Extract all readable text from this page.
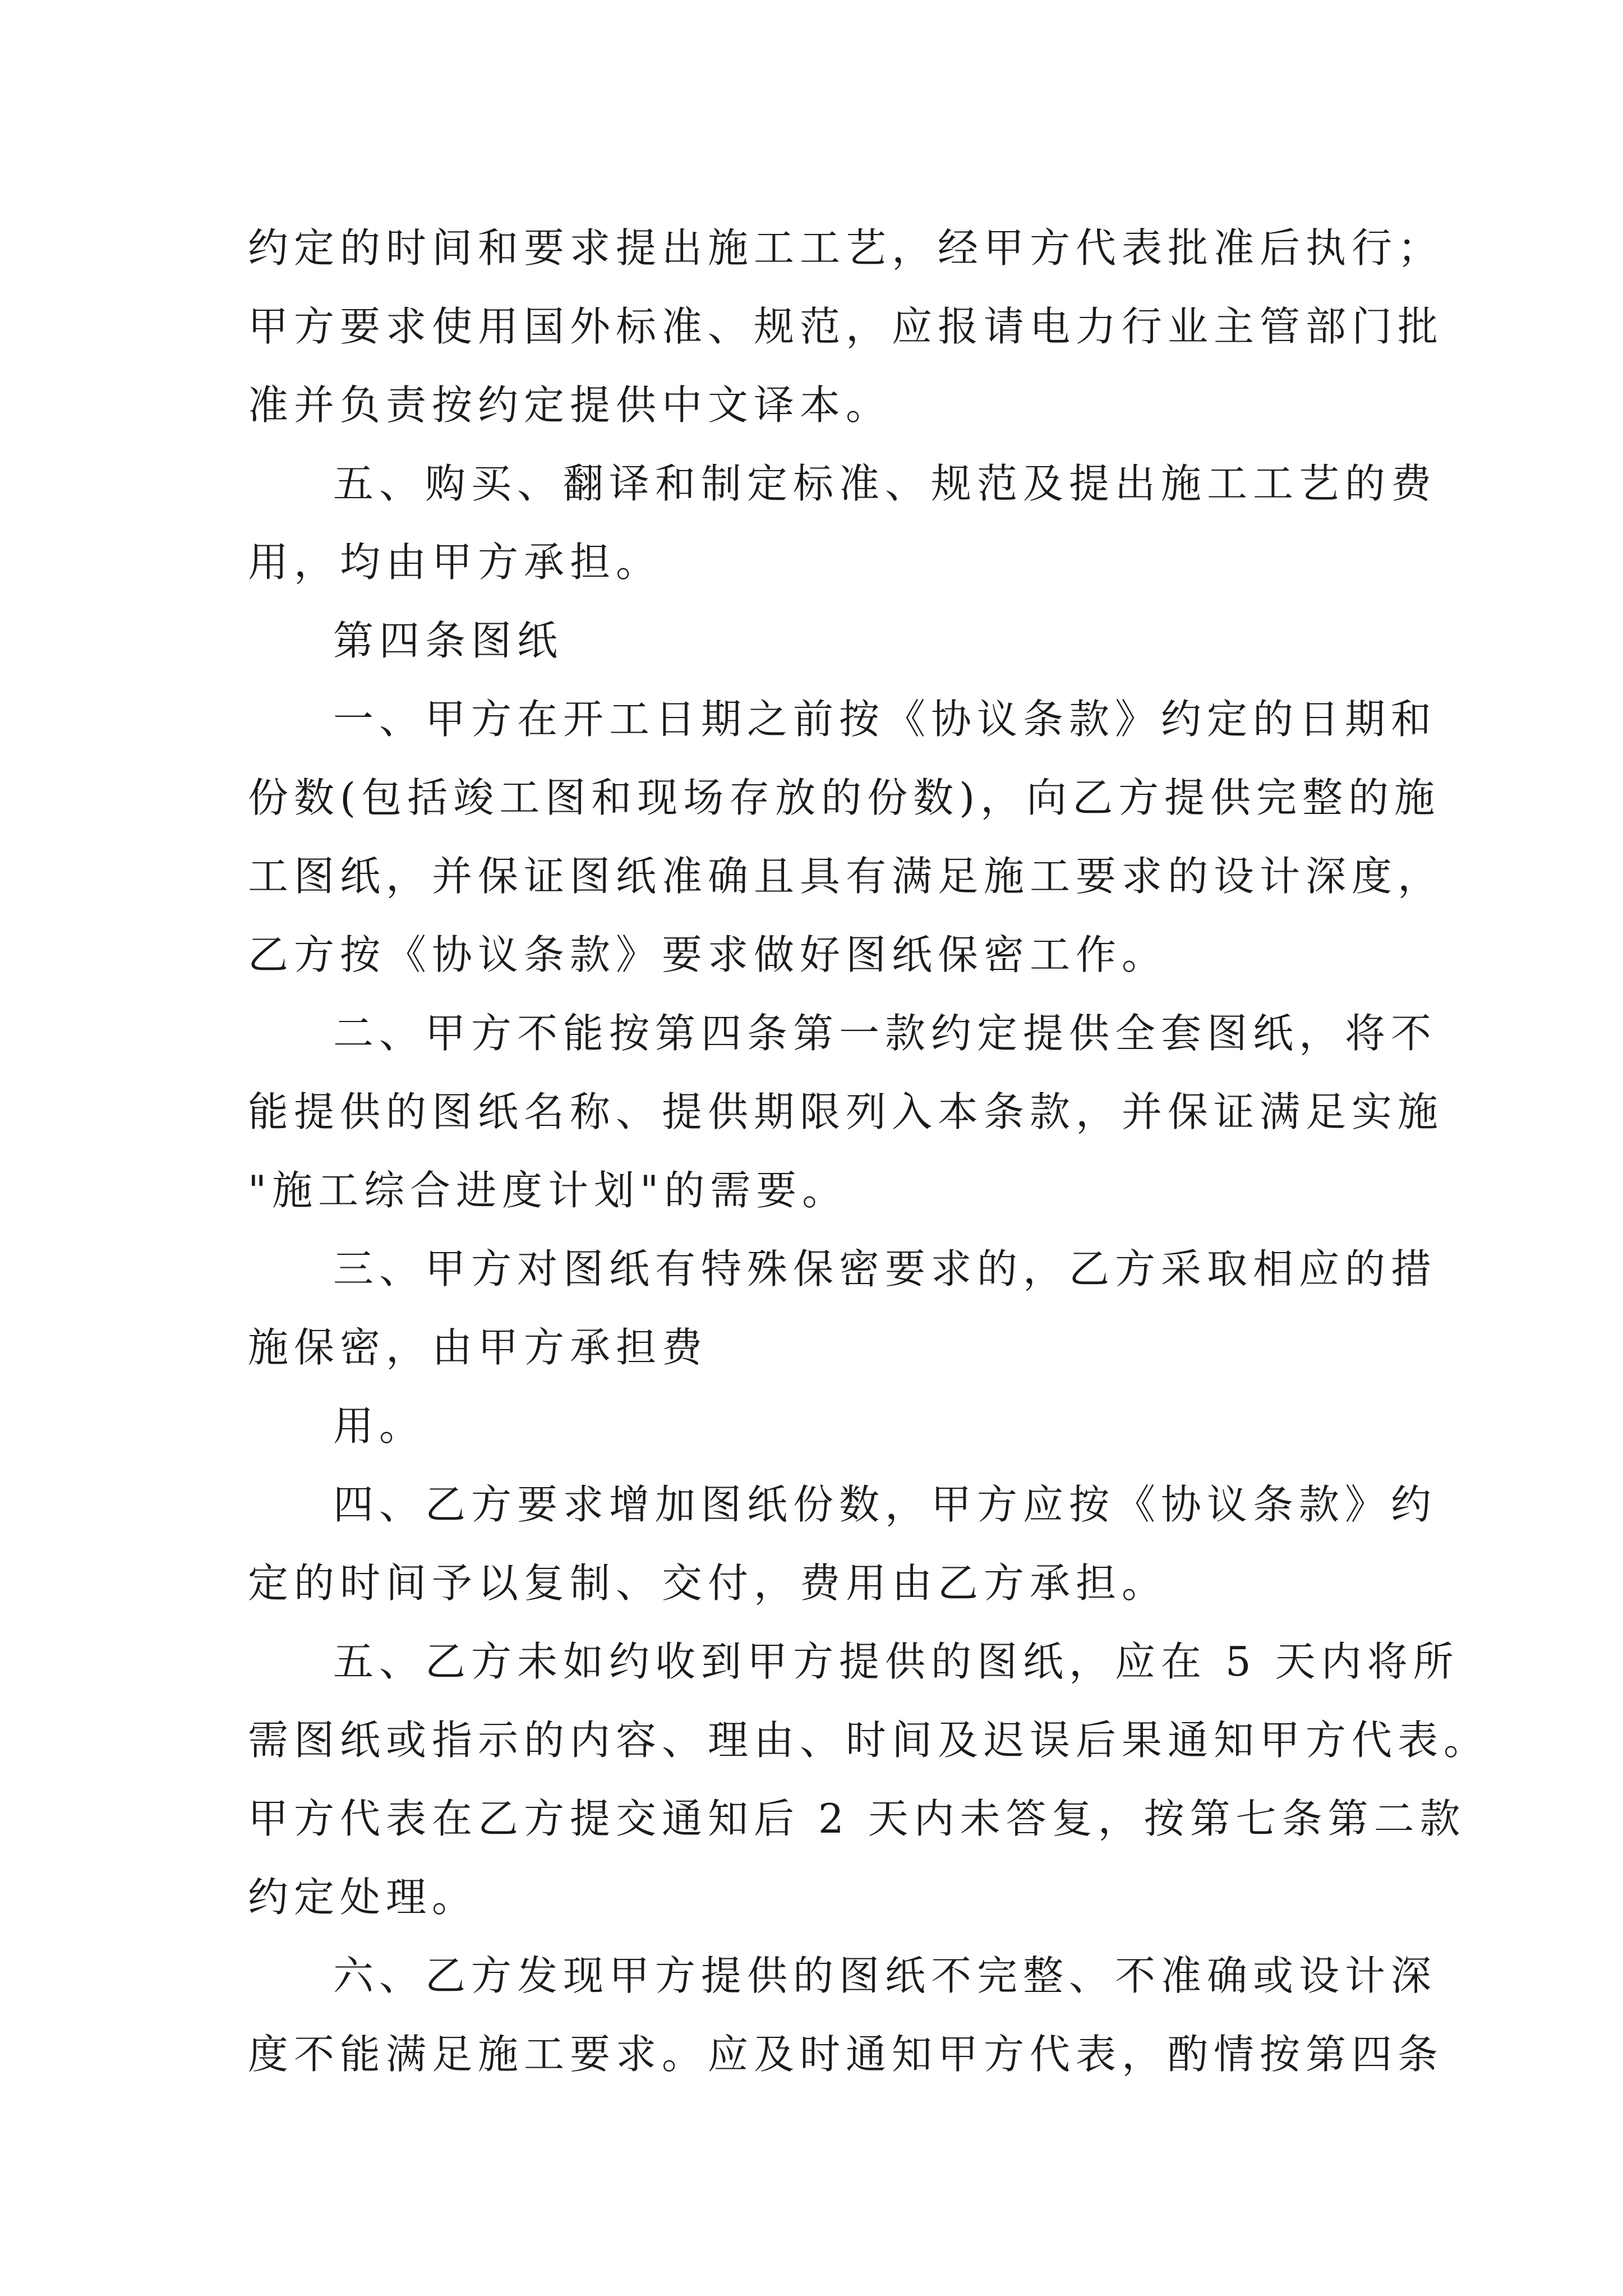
约定的时间和要求提出施工工艺，经甲方代表批准后执行；
甲方要求使用国外标准、规范，应报请电力行业主管部门批
准并负责按约定提供中文译本。
五、购买、翻译和制定标准、规范及提出施工工艺的费
用，均由甲方承担。
第四条图纸
一、甲方在开工日期之前按《协议条款》约定的日期和
份数(包括竣工图和现场存放的份数)，向乙方提供完整的施
工图纸，并保证图纸准确且具有满足施工要求的设计深度，
乙方按《协议条款》要求做好图纸保密工作。
二、甲方不能按第四条第一款约定提供全套图纸，将不
能提供的图纸名称、提供期限列入本条款，并保证满足实施
"施工综合进度计划"的需要。
三、甲方对图纸有特殊保密要求的，乙方采取相应的措
施保密，由甲方承担费
用。
四、乙方要求增加图纸份数，甲方应按《协议条款》约
定的时间予以复制、交付，费用由乙方承担。
五、乙方未如约收到甲方提供的图纸，应在 5 天内将所
需图纸或指示的内容、理由、时间及迟误后果通知甲方代表。
甲方代表在乙方提交通知后 2 天内未答复，按第七条第二款
约定处理。
六、乙方发现甲方提供的图纸不完整、不准确或设计深
度不能满足施工要求。应及时通知甲方代表，酌情按第四条
